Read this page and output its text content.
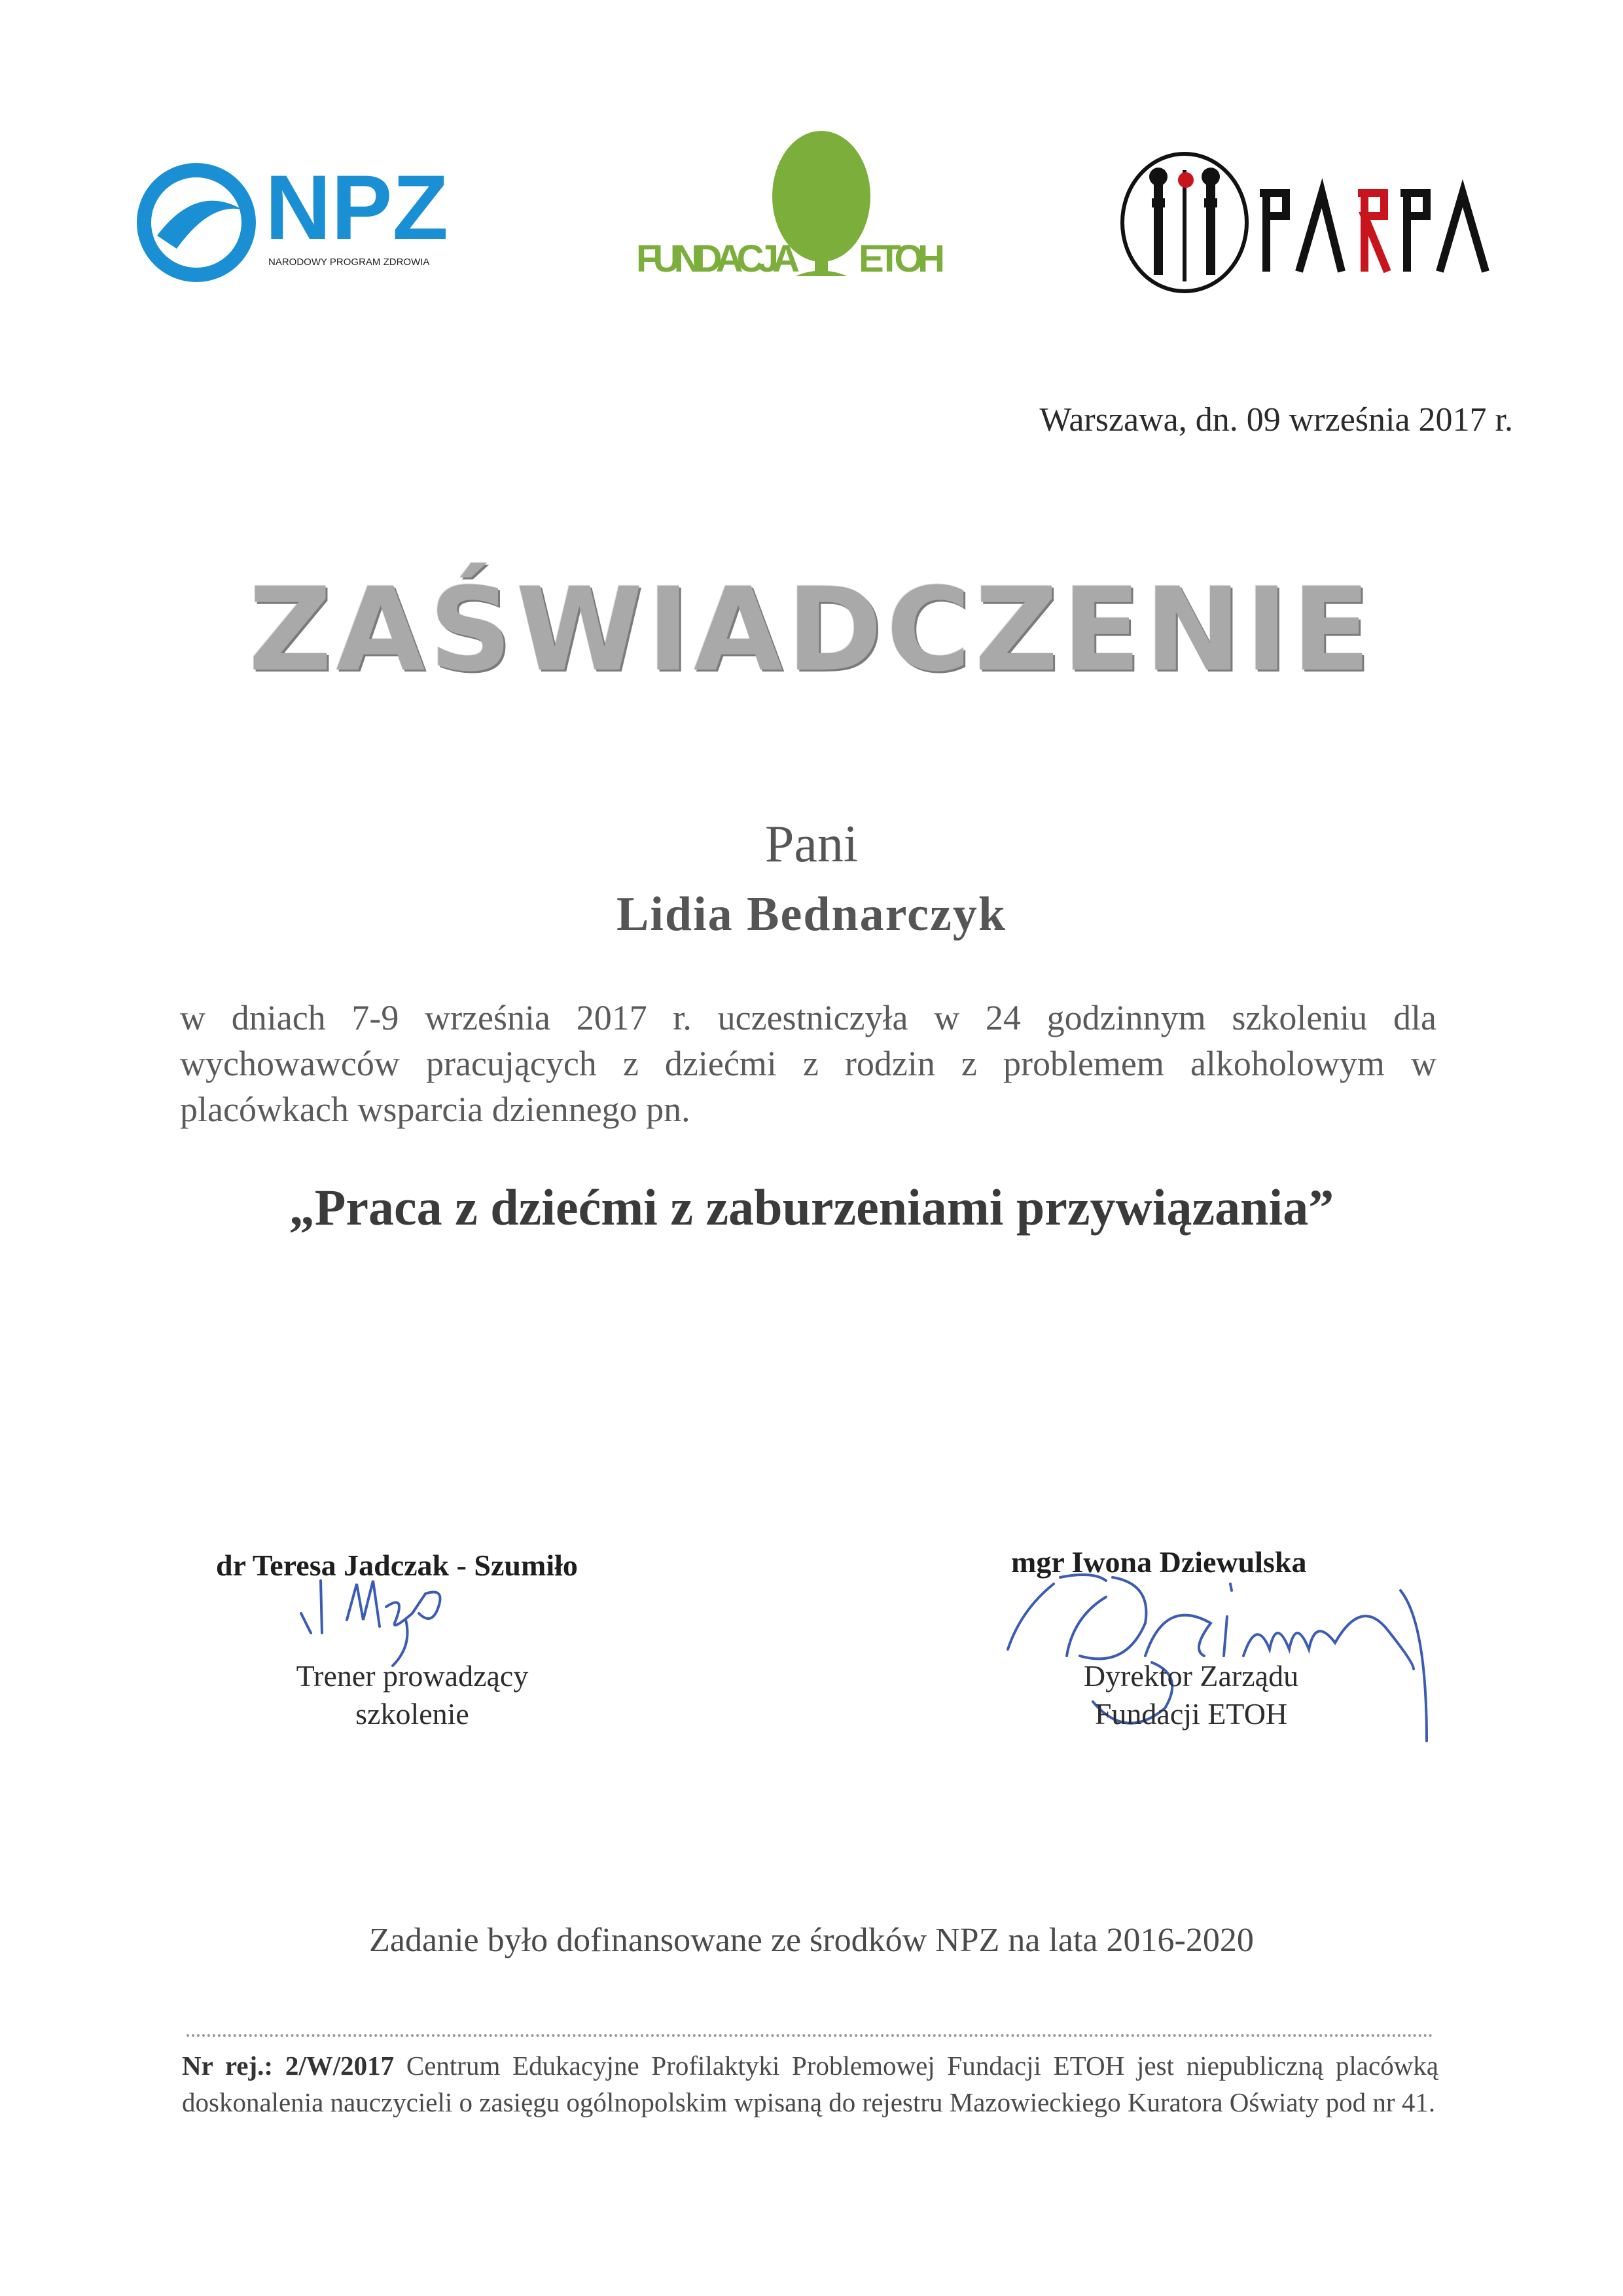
NPZ
NARODOWY PROGRAM ZDROWIA	FUNDACJA ETOH
Warszawa, dn. 09 września 2017 r.
ZAŚWIADCZENIE
Pani
Lidia Bednarczyk
w dniach 7-9 września 2017 r. uczestniczyła w 24 godzinnym szkoleniu dla wychowawców pracujących z dziećmi z rodzin z problemem alkoholowym w placówkach wsparcia dziennego pn.
„Praca z dziećmi z zaburzeniami przywiązania”
dr Teresa Jadczak - Szumiło
Trener prowadzący
szkolenie
mgr Iwona Dziewulska
Dyrektor Zarządu
Fundacji ETOH
Zadanie było dofinansowane ze środków NPZ na lata 2016-2020
Nr rej.: 2/W/2017 Centrum Edukacyjne Profilaktyki Problemowej Fundacji ETOH jest niepubliczną placówką doskonalenia nauczycieli o zasięgu ogólnopolskim wpisaną do rejestru Mazowieckiego Kuratora Oświaty pod nr 41.
